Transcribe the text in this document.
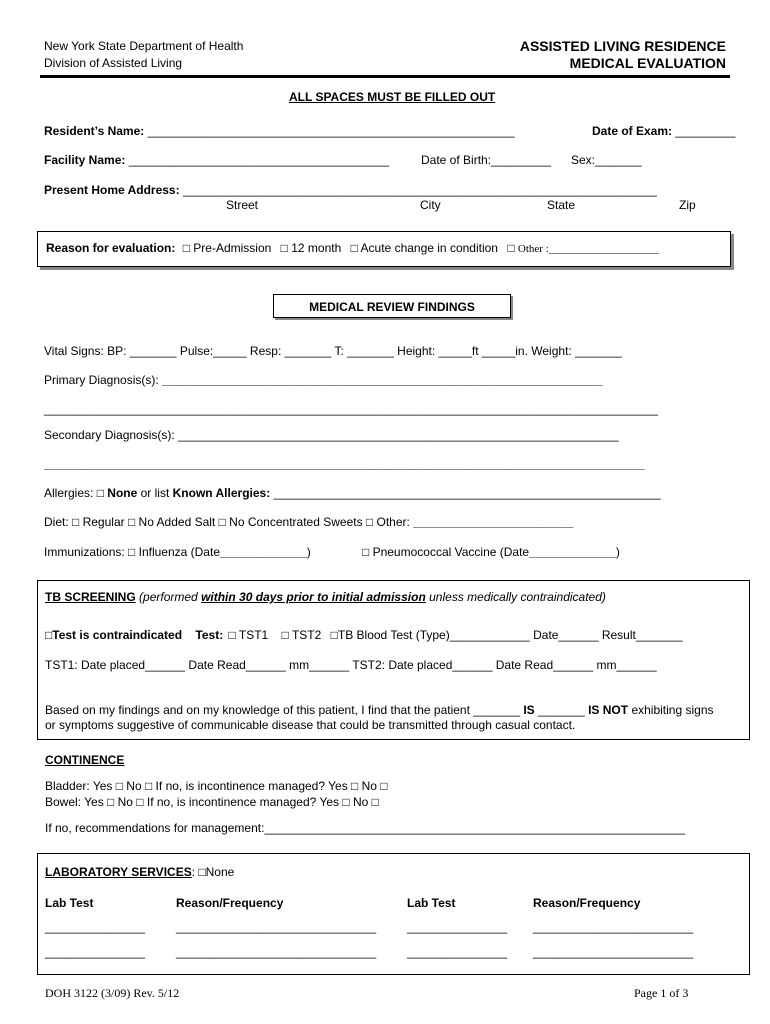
New York State Department of Health
Division of Assisted Living
ASSISTED LIVING RESIDENCE
MEDICAL EVALUATION
ALL SPACES MUST BE FILLED OUT
Resident’s Name: _______________________________________________________	Date of Exam: _________
Facility Name: _______________________________________	Date of Birth:_________ Sex:_______
Present Home Address: _______________________________________________________________________
Street	City	State	Zip
Reason for evaluation: □ Pre-Admission □ 12 month □ Acute change in condition □ Other :____________________
MEDICAL REVIEW FINDINGS
Vital Signs: BP: _______ Pulse:_____ Resp: _______ T: _______ Height: _____ft _____in. Weight: _______
Primary Diagnosis(s): __________________________________________________________________
____________________________________________________________________________________________
Secondary Diagnosis(s): __________________________________________________________________
__________________________________________________________________________________________
Allergies: □ None or list Known Allergies: __________________________________________________________
Diet: □ Regular □ No Added Salt □ No Concentrated Sweets □ Other: ________________________
Immunizations: □ Influenza (Date_____________)	□ Pneumococcal Vaccine (Date_____________)
TB SCREENING (performed within 30 days prior to initial admission unless medically contraindicated)
□Test is contraindicated Test: □ TST1 □ TST2 □TB Blood Test (Type)____________ Date______ Result_______
TST1: Date placed______ Date Read______ mm______ TST2: Date placed______ Date Read______ mm______
Based on my findings and on my knowledge of this patient, I find that the patient _______ IS _______ IS NOT exhibiting signs
or symptoms suggestive of communicable disease that could be transmitted through casual contact.
CONTINENCE
Bladder: Yes □ No □ If no, is incontinence managed? Yes □ No □
Bowel: Yes □ No □ If no, is incontinence managed? Yes □ No □
If no, recommendations for management:_______________________________________________________________
LABORATORY SERVICES: □None
Lab Test	Reason/Frequency	Lab Test	Reason/Frequency
_______________	______________________________	_______________ ________________________
_______________	______________________________	_______________ ________________________
DOH 3122 (3/09) Rev. 5/12	Page 1 of 3
